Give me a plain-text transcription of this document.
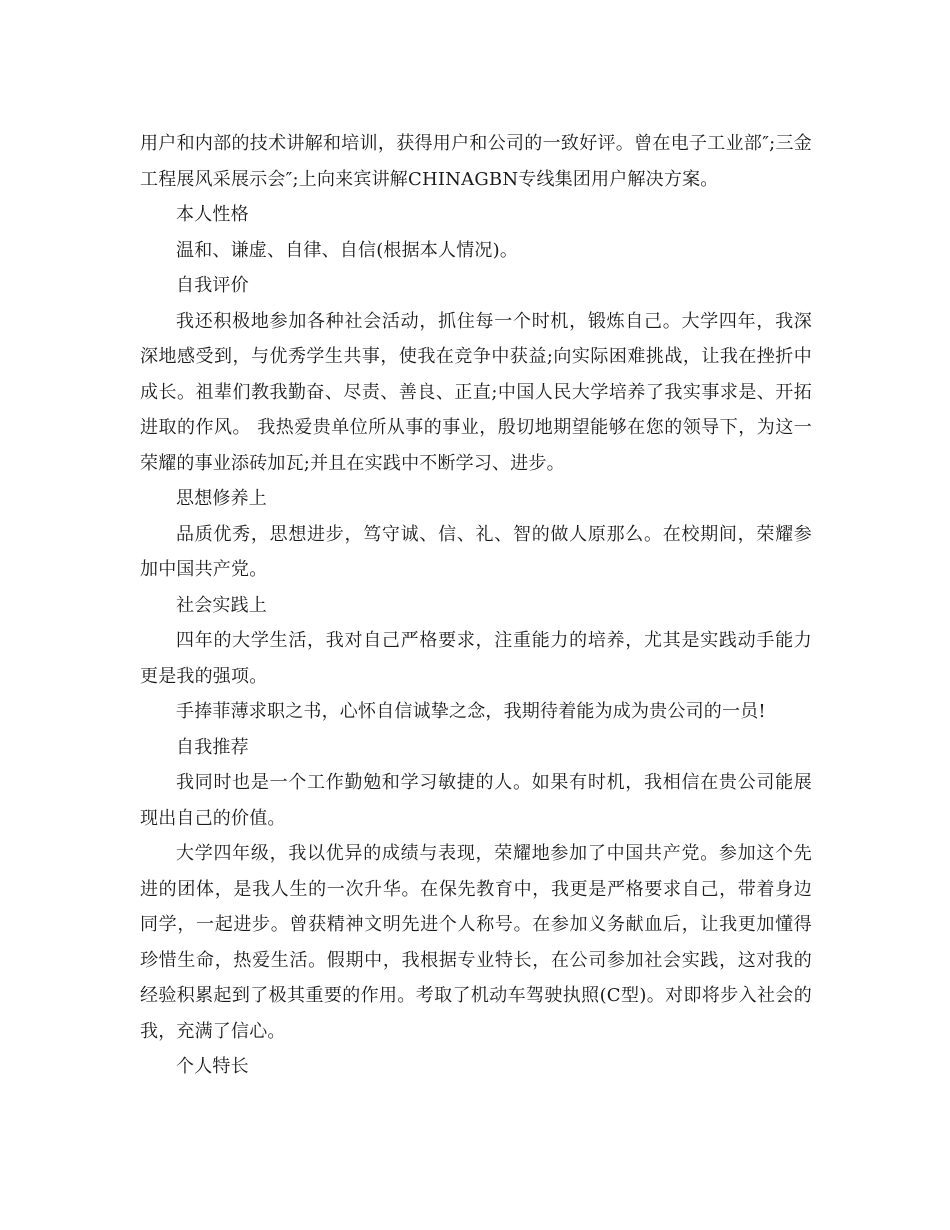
用户和内部的技术讲解和培训，获得用户和公司的一致好评。曾在电子工业部″;三金工程展风采展示会″;上向来宾讲解CHINAGBN专线集团用户解决方案。

本人性格

温和、谦虚、自律、自信(根据本人情况)。

自我评价

我还积极地参加各种社会活动，抓住每一个时机，锻炼自己。大学四年，我深深地感受到，与优秀学生共事，使我在竞争中获益;向实际困难挑战，让我在挫折中成长。祖辈们教我勤奋、尽责、善良、正直;中国人民大学培养了我实事求是、开拓进取的作风。 我热爱贵单位所从事的事业，殷切地期望能够在您的领导下，为这一荣耀的事业添砖加瓦;并且在实践中不断学习、进步。

思想修养上

品质优秀，思想进步，笃守诚、信、礼、智的做人原那么。在校期间，荣耀参加中国共产党。

社会实践上

四年的大学生活，我对自己严格要求，注重能力的培养，尤其是实践动手能力更是我的强项。

手捧菲薄求职之书，心怀自信诚挚之念，我期待着能为成为贵公司的一员!

自我推荐

我同时也是一个工作勤勉和学习敏捷的人。如果有时机，我相信在贵公司能展现出自己的价值。

大学四年级，我以优异的成绩与表现，荣耀地参加了中国共产党。参加这个先进的团体，是我人生的一次升华。在保先教育中，我更是严格要求自己，带着身边同学，一起进步。曾获精神文明先进个人称号。在参加义务献血后，让我更加懂得珍惜生命，热爱生活。假期中，我根据专业特长，在公司参加社会实践，这对我的经验积累起到了极其重要的作用。考取了机动车驾驶执照(C型)。对即将步入社会的我，充满了信心。

个人特长
